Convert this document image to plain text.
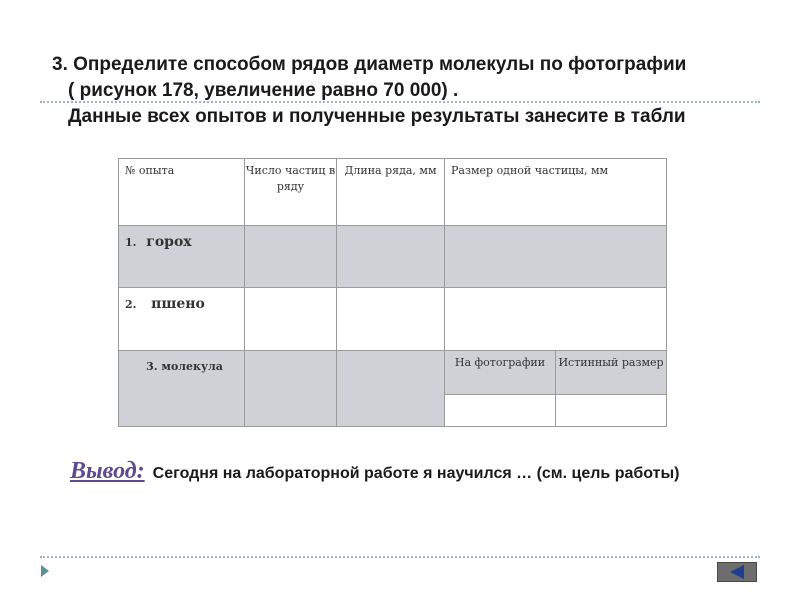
3. Определите способом рядов диаметр молекулы по фотографии

( рисунок 178, увеличение равно 70 000) .

Данные всех опытов и полученные результаты занесите в табли

№ опыта	Число частиц в ряду	Длина ряда, мм	Размер одной частицы, мм	
1. горох				
2. пшено				
3. молекула			На фотографии	Истинный размер

Вывод: Сегодня на лабораторной работе я научился … (см. цель работы)
